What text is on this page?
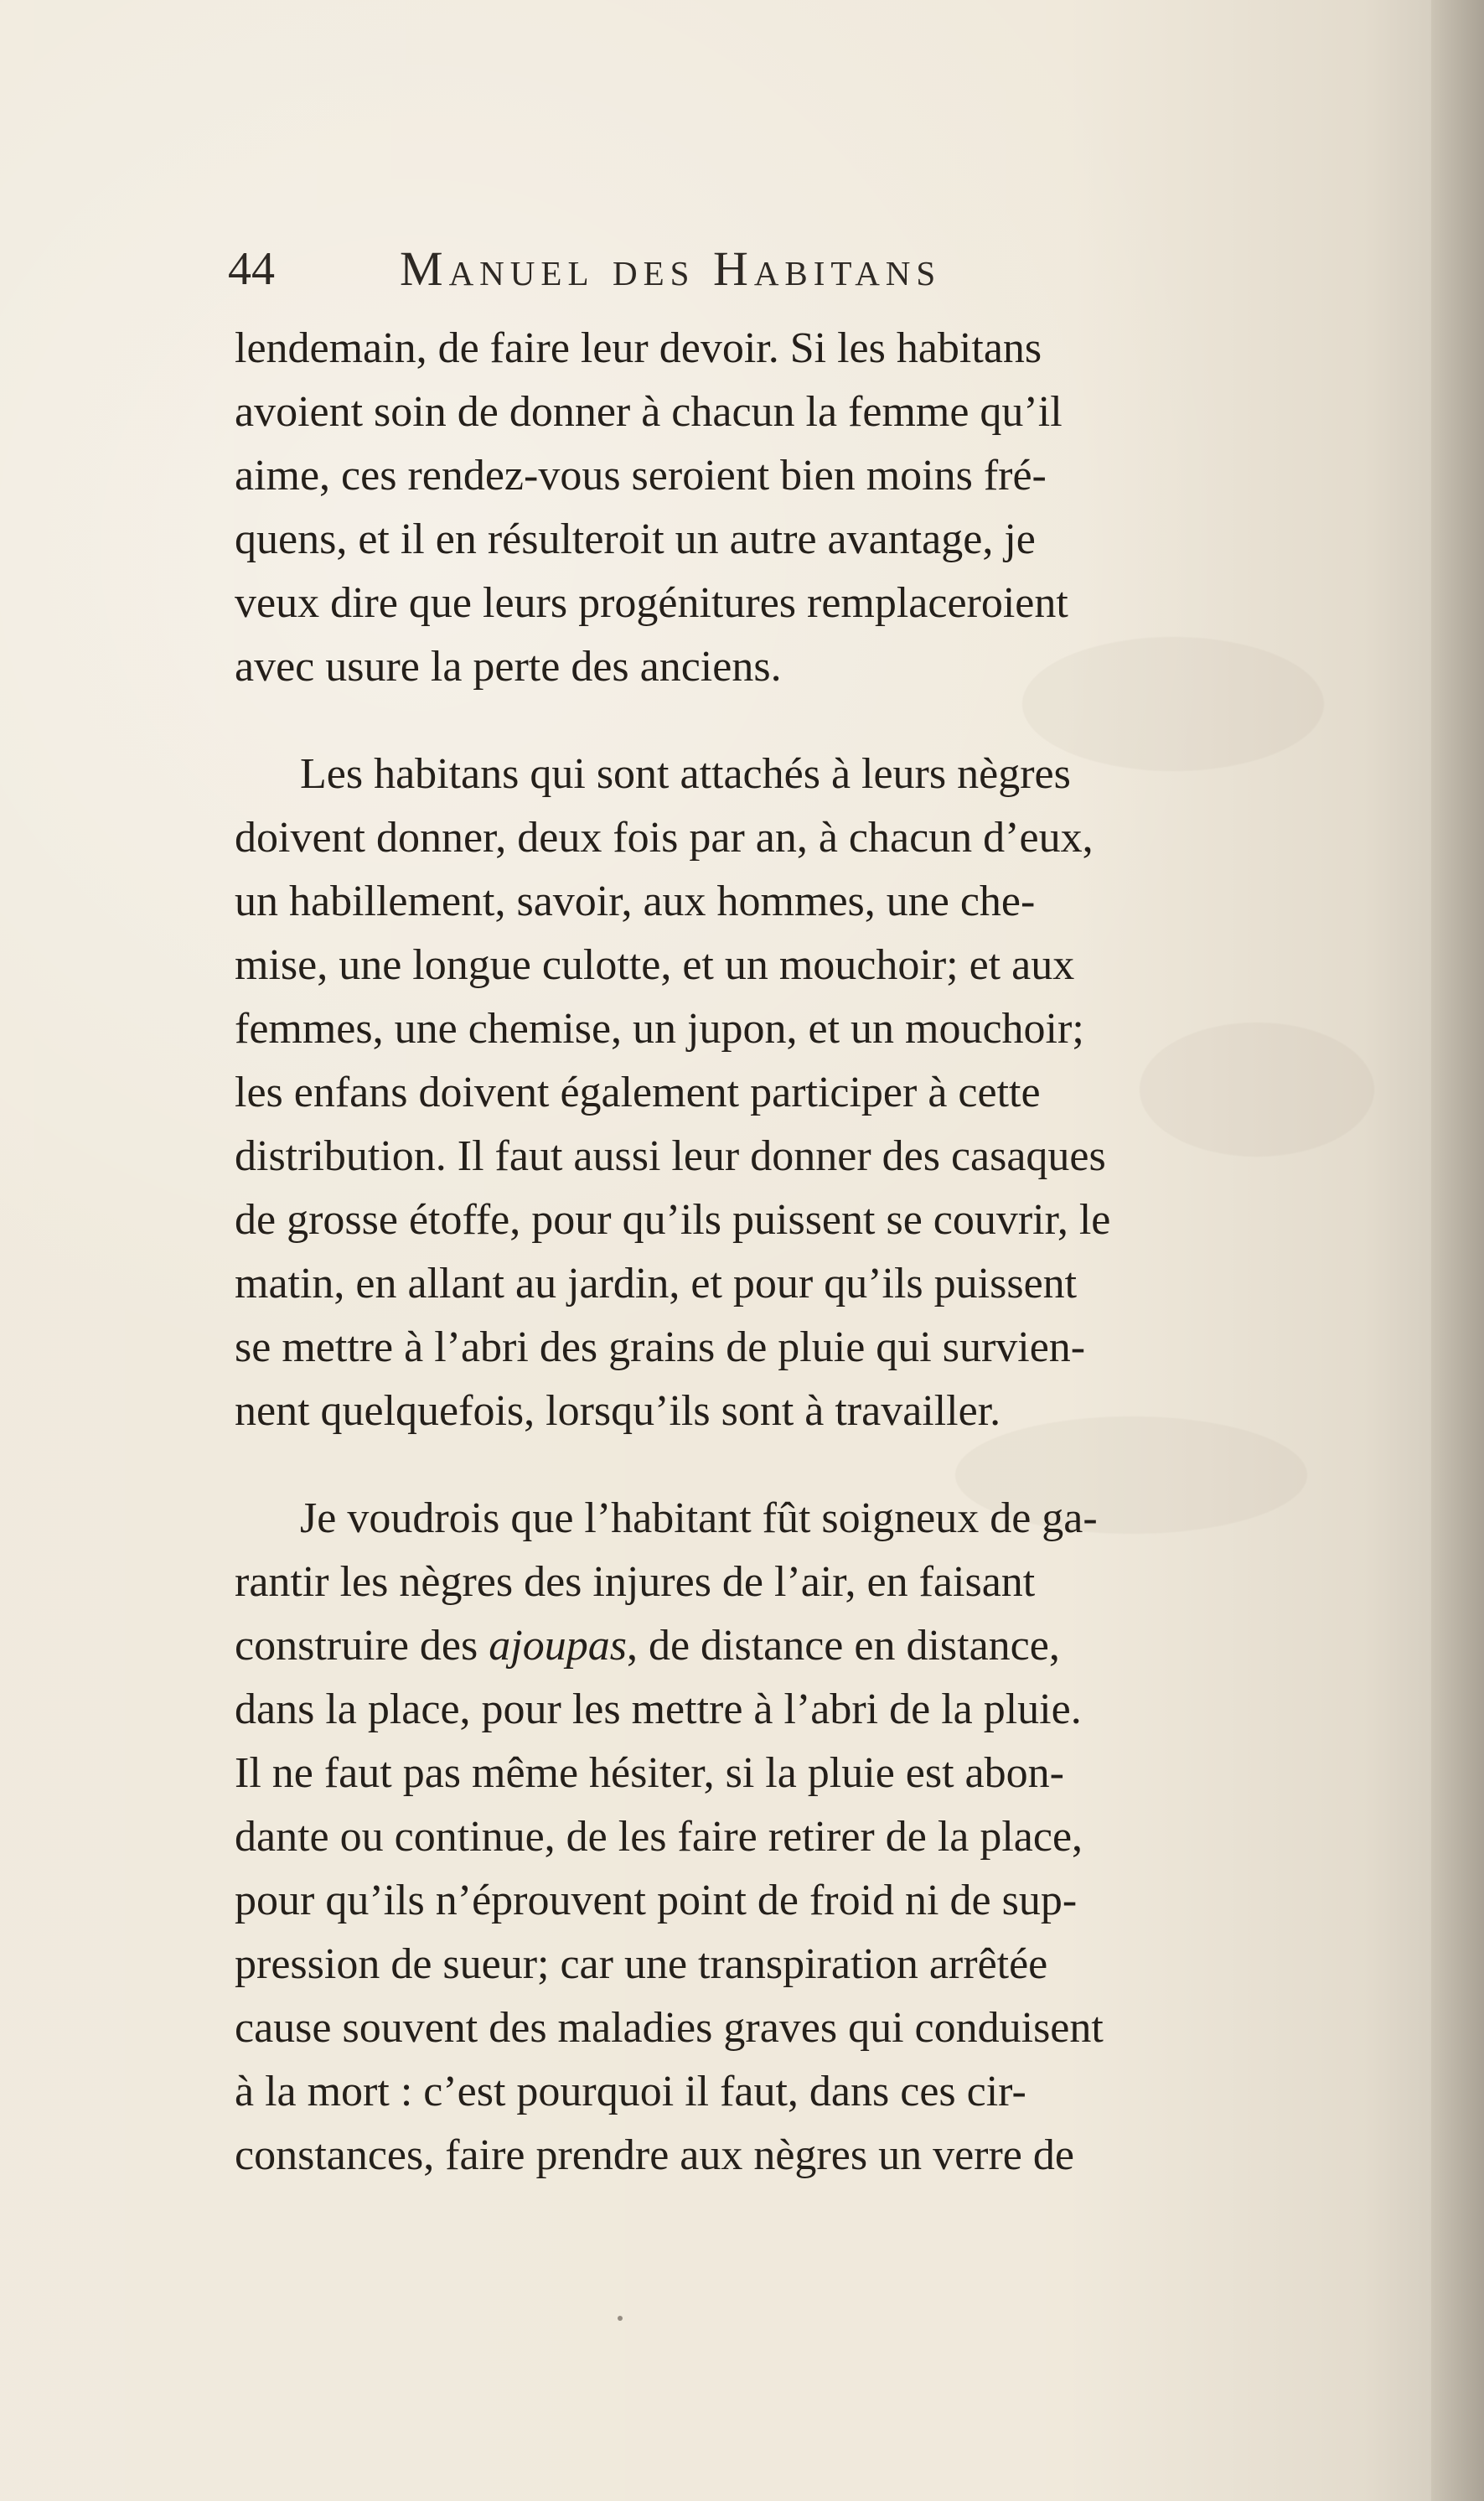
44	Manuel des Habitans
lendemain, de faire leur devoir. Si les habitans
avoient soin de donner à chacun la femme qu’il
aime, ces rendez-vous seroient bien moins fré-
quens, et il en résulteroit un autre avantage, je
veux dire que leurs progénitures remplaceroient
avec usure la perte des anciens.
Les habitans qui sont attachés à leurs nègres
doivent donner, deux fois par an, à chacun d’eux,
un habillement, savoir, aux hommes, une che-
mise, une longue culotte, et un mouchoir; et aux
femmes, une chemise, un jupon, et un mouchoir;
les enfans doivent également participer à cette
distribution. Il faut aussi leur donner des casaques
de grosse étoffe, pour qu’ils puissent se couvrir, le
matin, en allant au jardin, et pour qu’ils puissent
se mettre à l’abri des grains de pluie qui survien-
nent quelquefois, lorsqu’ils sont à travailler.
Je voudrois que l’habitant fût soigneux de ga-
rantir les nègres des injures de l’air, en faisant
construire des ajoupas, de distance en distance,
dans la place, pour les mettre à l’abri de la pluie.
Il ne faut pas même hésiter, si la pluie est abon-
dante ou continue, de les faire retirer de la place,
pour qu’ils n’éprouvent point de froid ni de sup-
pression de sueur; car une transpiration arrêtée
cause souvent des maladies graves qui conduisent
à la mort : c’est pourquoi il faut, dans ces cir-
constances, faire prendre aux nègres un verre de
